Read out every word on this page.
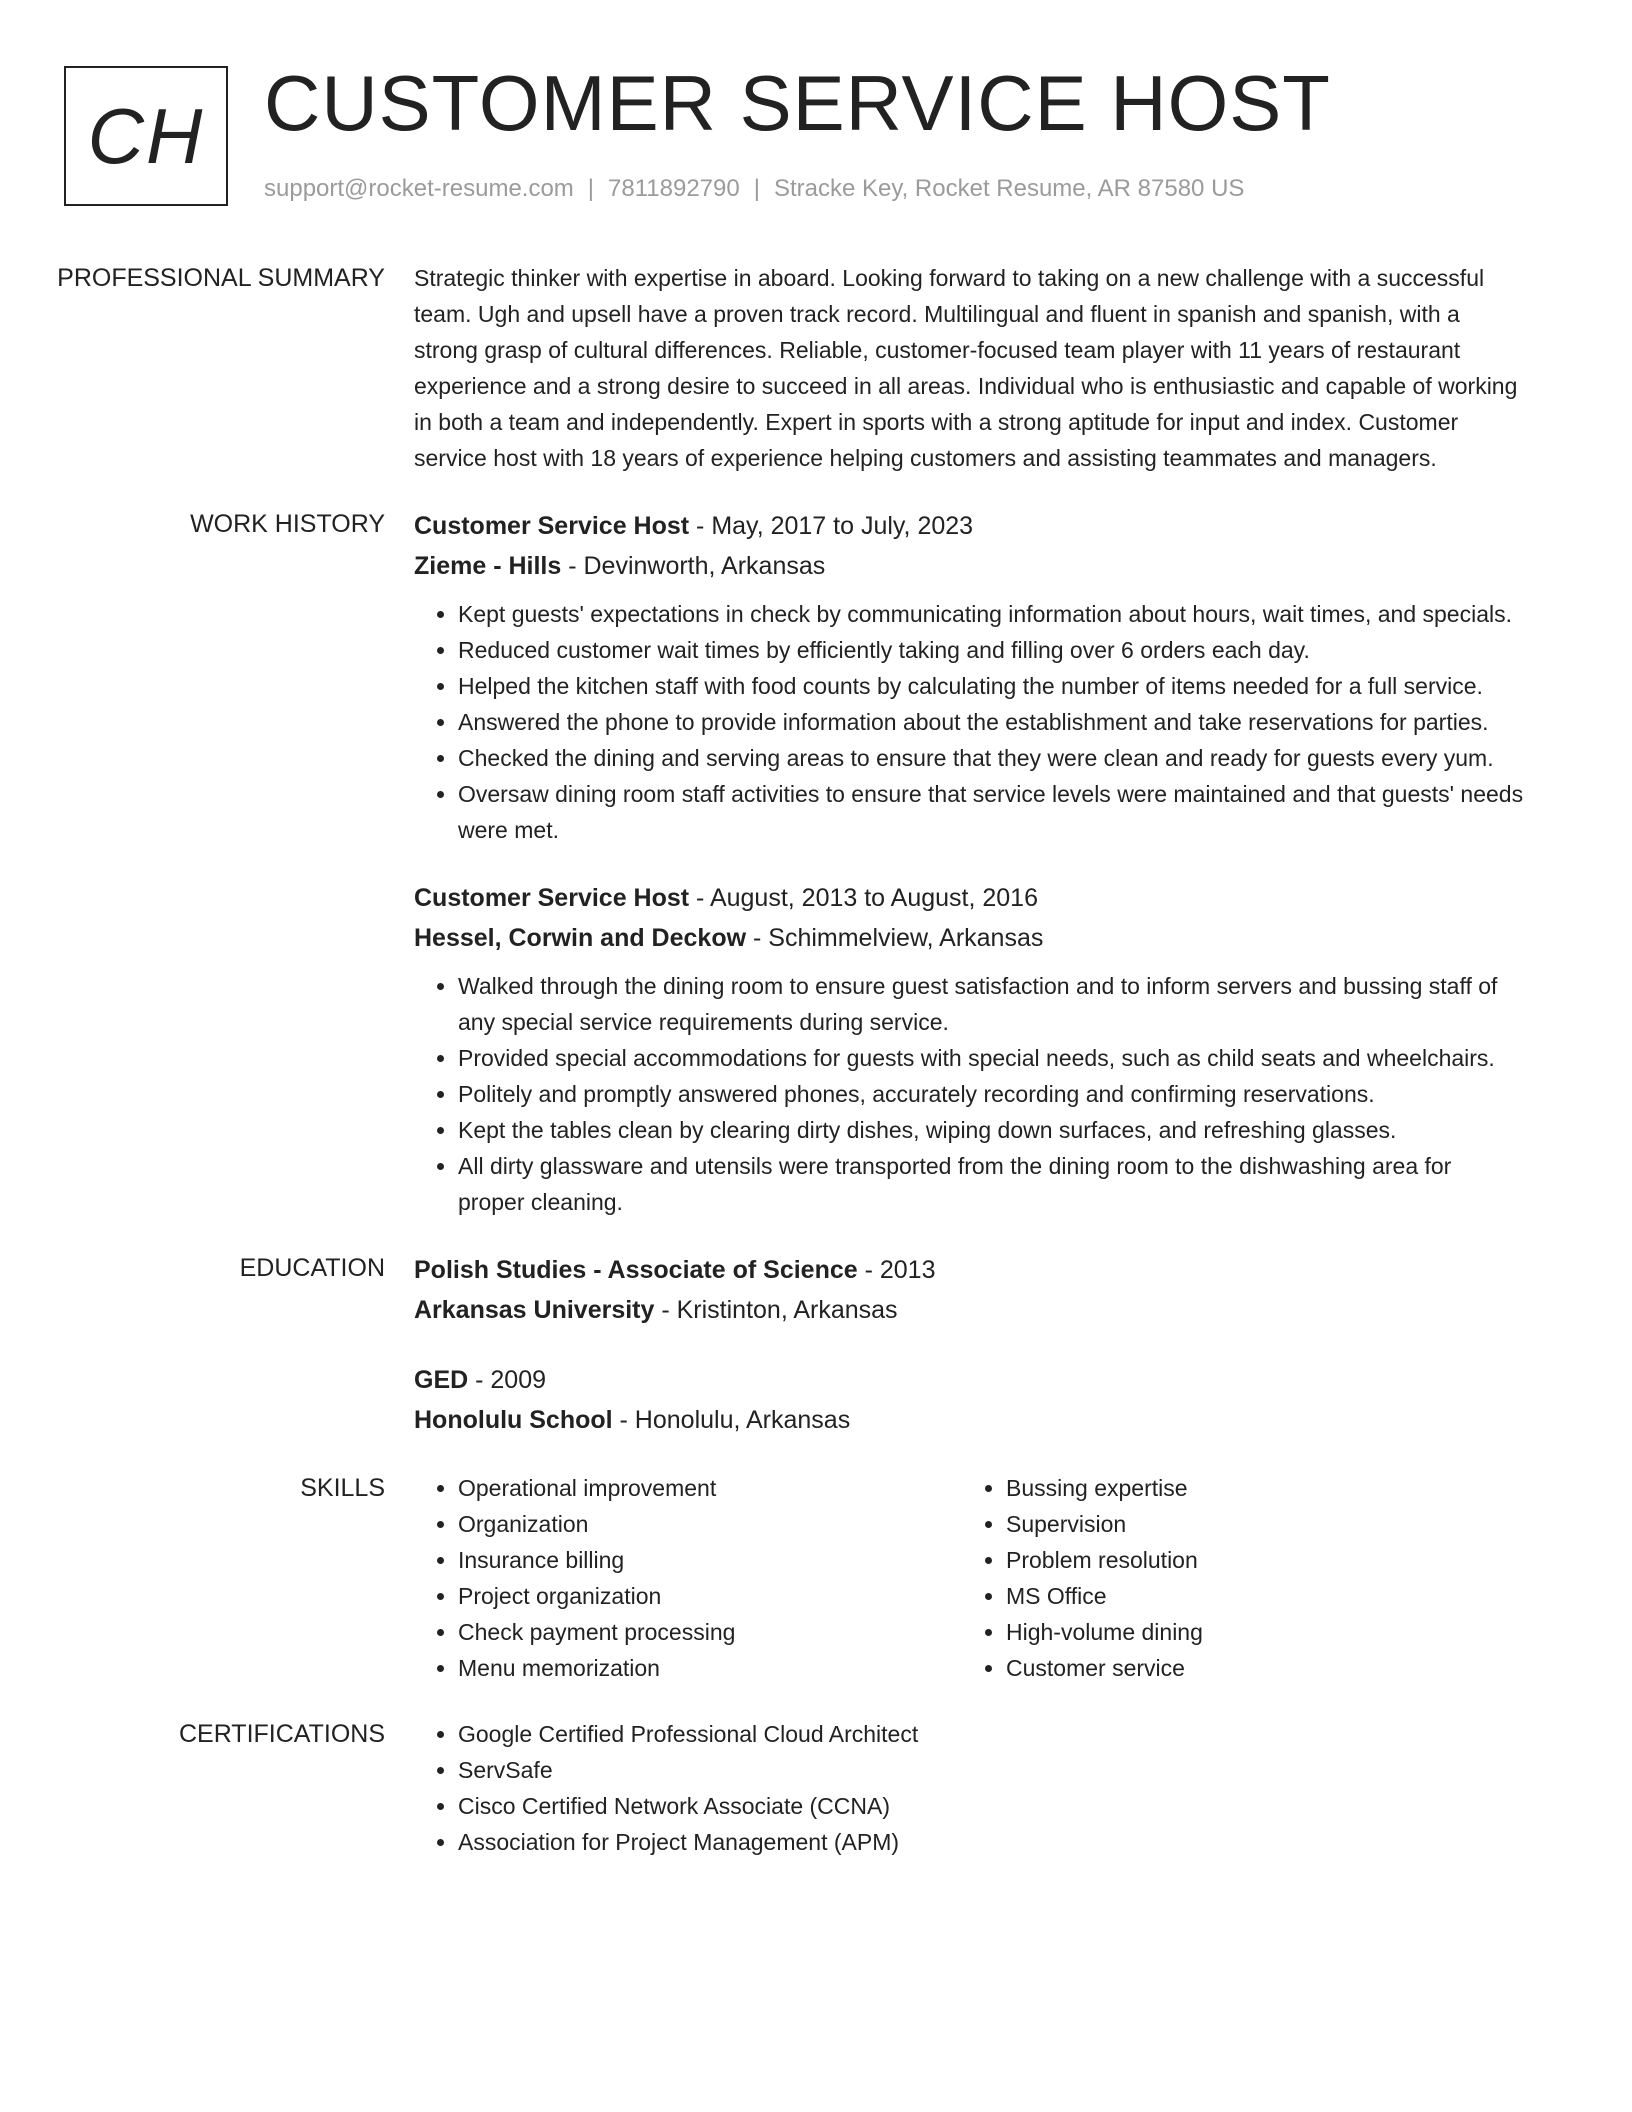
CH CUSTOMER SERVICE HOST
support@rocket-resume.com | 7811892790 | Stracke Key, Rocket Resume, AR 87580 US
PROFESSIONAL SUMMARY	Strategic thinker with expertise in aboard. Looking forward to taking on a new challenge with a successful team. Ugh and upsell have a proven track record. Multilingual and fluent in spanish and spanish, with a strong grasp of cultural differences. Reliable, customer-focused team player with 11 years of restaurant experience and a strong desire to succeed in all areas. Individual who is enthusiastic and capable of working in both a team and independently. Expert in sports with a strong aptitude for input and index. Customer service host with 18 years of experience helping customers and assisting teammates and managers.

WORK HISTORY	Customer Service Host - May, 2017 to July, 2023
Zieme - Hills - Devinworth, Arkansas
• Kept guests' expectations in check by communicating information about hours, wait times, and specials.
• Reduced customer wait times by efficiently taking and filling over 6 orders each day.
• Helped the kitchen staff with food counts by calculating the number of items needed for a full service.
• Answered the phone to provide information about the establishment and take reservations for parties.
• Checked the dining and serving areas to ensure that they were clean and ready for guests every yum.
• Oversaw dining room staff activities to ensure that service levels were maintained and that guests' needs were met.
Customer Service Host - August, 2013 to August, 2016
Hessel, Corwin and Deckow - Schimmelview, Arkansas
• Walked through the dining room to ensure guest satisfaction and to inform servers and bussing staff of any special service requirements during service.
• Provided special accommodations for guests with special needs, such as child seats and wheelchairs.
• Politely and promptly answered phones, accurately recording and confirming reservations.
• Kept the tables clean by clearing dirty dishes, wiping down surfaces, and refreshing glasses.
• All dirty glassware and utensils were transported from the dining room to the dishwashing area for proper cleaning.
EDUCATION	Polish Studies - Associate of Science - 2013
Arkansas University - Kristinton, Arkansas
GED - 2009
Honolulu School - Honolulu, Arkansas
SKILLS	• Operational improvement
• Organization
• Insurance billing
• Project organization
• Check payment processing
• Menu memorization
• Bussing expertise
• Supervision
• Problem resolution
• MS Office
• High-volume dining
• Customer service
CERTIFICATIONS	• Google Certified Professional Cloud Architect
• ServSafe
• Cisco Certified Network Associate (CCNA)
• Association for Project Management (APM)
